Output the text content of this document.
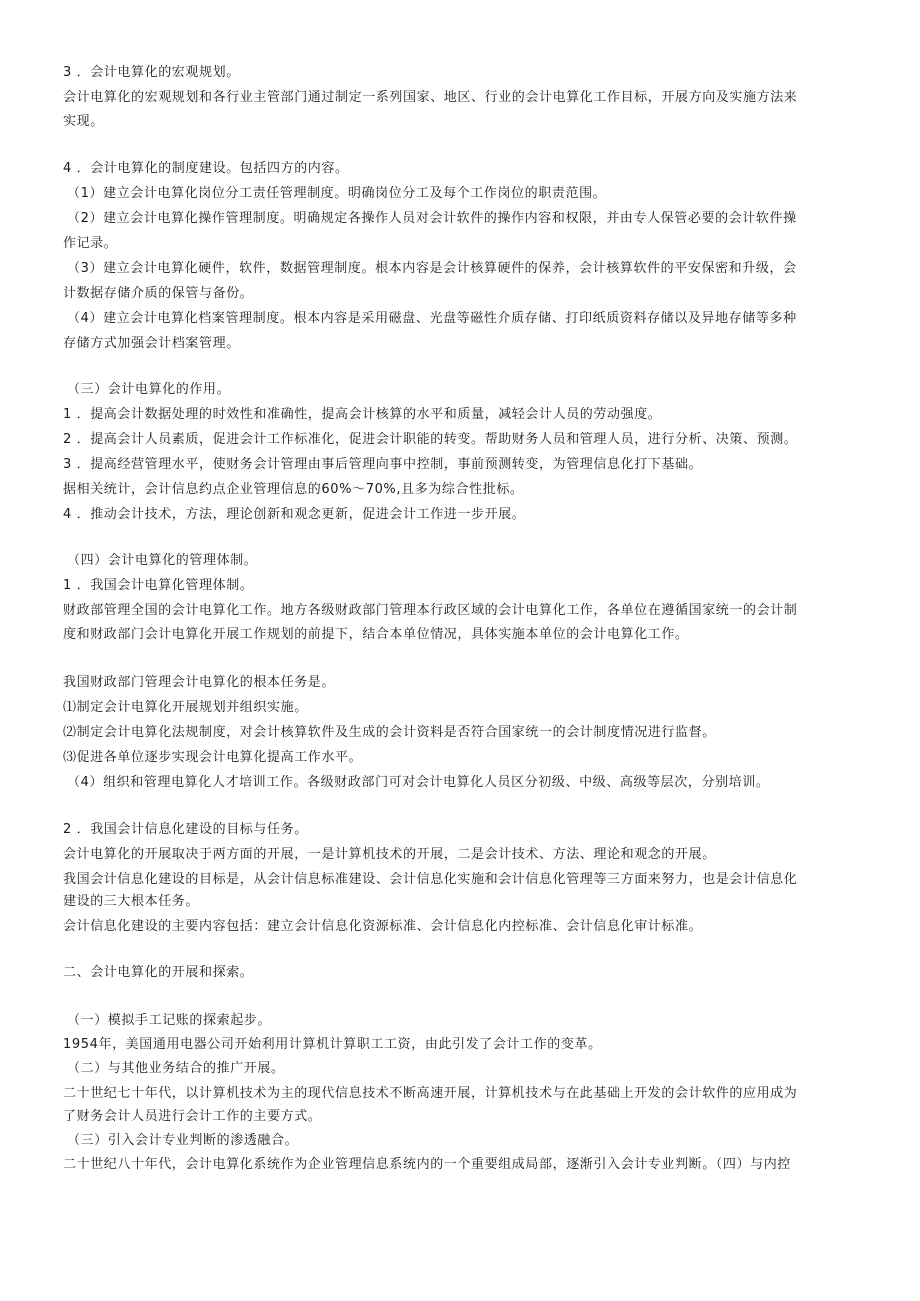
3 ．会计电算化的宏观规划。
会计电算化的宏观规划和各行业主管部门通过制定一系列国家、地区、行业的会计电算化工作目标，开展方向及实施方法来
实现。
4 ．会计电算化的制度建设。包括四方的内容。
（1）建立会计电算化岗位分工责任管理制度。明确岗位分工及每个工作岗位的职责范围。
（2）建立会计电算化操作管理制度。明确规定各操作人员对会计软件的操作内容和权限，并由专人保管必要的会计软件操
作记录。
（3）建立会计电算化硬件，软件，数据管理制度。根本内容是会计核算硬件的保养，会计核算软件的平安保密和升级，会
计数据存储介质的保管与备份。
（4）建立会计电算化档案管理制度。根本内容是采用磁盘、光盘等磁性介质存储、打印纸质资料存储以及异地存储等多种
存储方式加强会计档案管理。
（三）会计电算化的作用。
1 ．提高会计数据处理的时效性和准确性，提高会计核算的水平和质量，减轻会计人员的劳动强度。
2 ．提高会计人员素质，促进会计工作标准化，促进会计职能的转变。帮助财务人员和管理人员，进行分析、决策、预测。
3 ．提高经营管理水平，使财务会计管理由事后管理向事中控制，事前预测转变，为管理信息化打下基础。
据相关统计，会计信息约点企业管理信息的60%～70%,且多为综合性批标。
4 ．推动会计技术，方法，理论创新和观念更新，促进会计工作进一步开展。
（四）会计电算化的管理体制。
1 ．我国会计电算化管理体制。
财政部管理全国的会计电算化工作。地方各级财政部门管理本行政区域的会计电算化工作，各单位在遵循国家统一的会计制
度和财政部门会计电算化开展工作规划的前提下，结合本单位情况，具体实施本单位的会计电算化工作。
我国财政部门管理会计电算化的根本任务是。
⑴制定会计电算化开展规划并组织实施。
⑵制定会计电算化法规制度，对会计核算软件及生成的会计资料是否符合国家统一的会计制度情况进行监督。
⑶促进各单位逐步实现会计电算化提高工作水平。
（4）组织和管理电算化人才培训工作。各级财政部门可对会计电算化人员区分初级、中级、高级等层次，分别培训。
2 ．我国会计信息化建设的目标与任务。
会计电算化的开展取决于两方面的开展，一是计算机技术的开展，二是会计技术、方法、理论和观念的开展。
我国会计信息化建设的目标是，从会计信息标准建设、会计信息化实施和会计信息化管理等三方面来努力，也是会计信息化
建设的三大根本任务。
会计信息化建设的主要内容包括：建立会计信息化资源标准、会计信息化内控标准、会计信息化审计标准。
二、会计电算化的开展和探索。
（一）模拟手工记账的探索起步。
1954年，美国通用电器公司开始利用计算机计算职工工资，由此引发了会计工作的变革。
（二）与其他业务结合的推广开展。
二十世纪七十年代，以计算机技术为主的现代信息技术不断高速开展，计算机技术与在此基础上开发的会计软件的应用成为
了财务会计人员进行会计工作的主要方式。
（三）引入会计专业判断的渗透融合。
二十世纪八十年代，会计电算化系统作为企业管理信息系统内的一个重要组成局部，逐渐引入会计专业判断。（四）与内控
